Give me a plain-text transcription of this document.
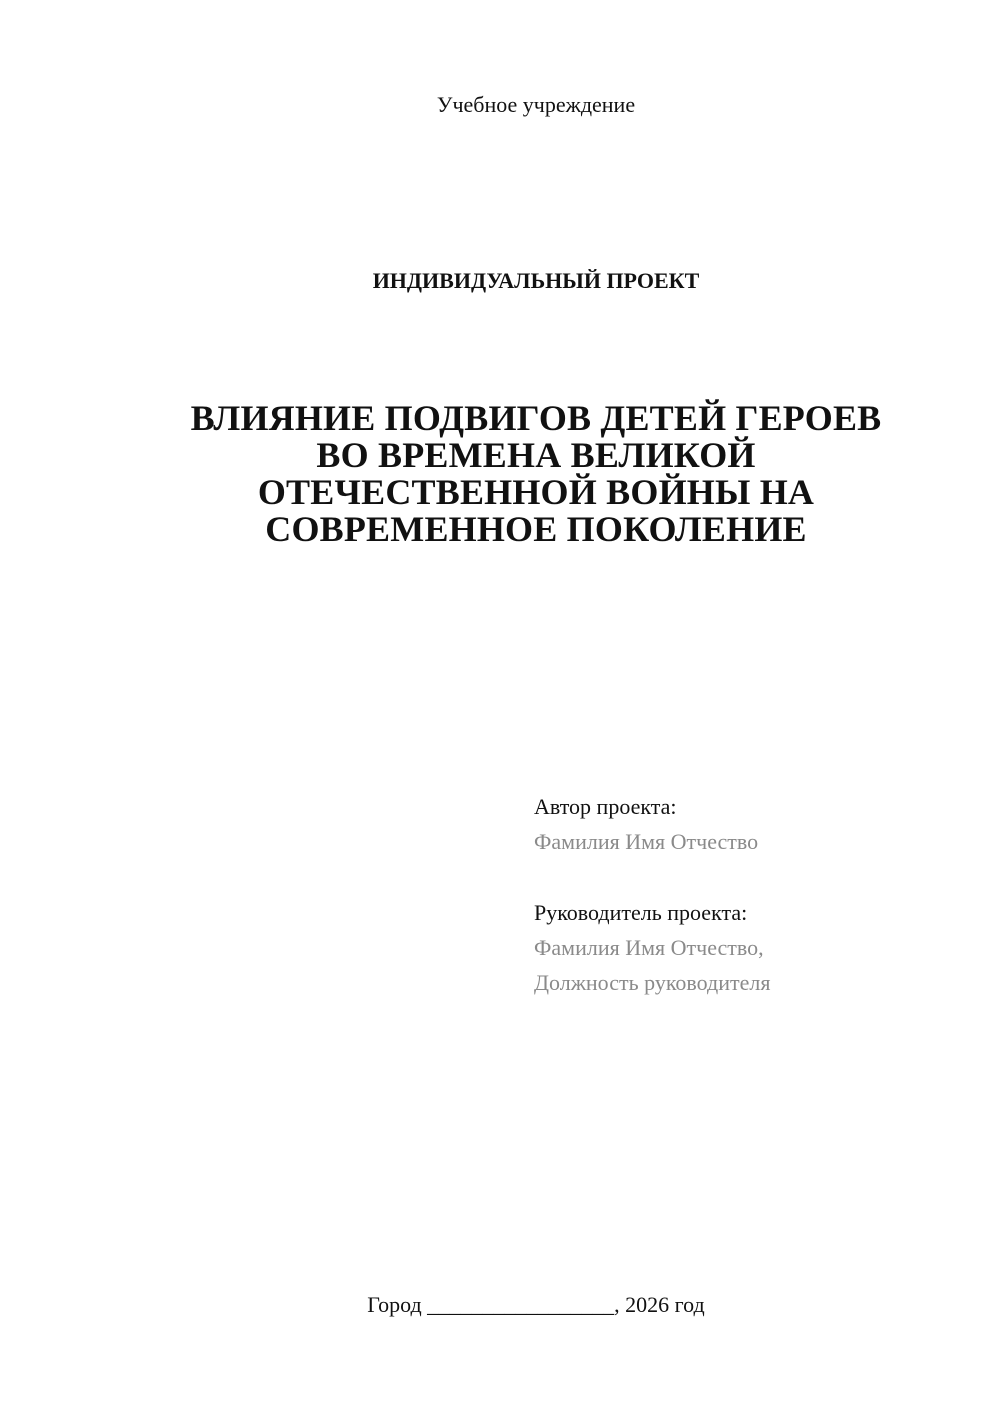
Учебное учреждение
ИНДИВИДУАЛЬНЫЙ ПРОЕКТ
ВЛИЯНИЕ ПОДВИГОВ ДЕТЕЙ ГЕРОЕВ
ВО ВРЕМЕНА ВЕЛИКОЙ
ОТЕЧЕСТВЕННОЙ ВОЙНЫ НА
СОВРЕМЕННОЕ ПОКОЛЕНИЕ
Автор проекта:
Фамилия Имя Отчество
Руководитель проекта:
Фамилия Имя Отчество,
Должность руководителя
Город _________________, 2026 год
